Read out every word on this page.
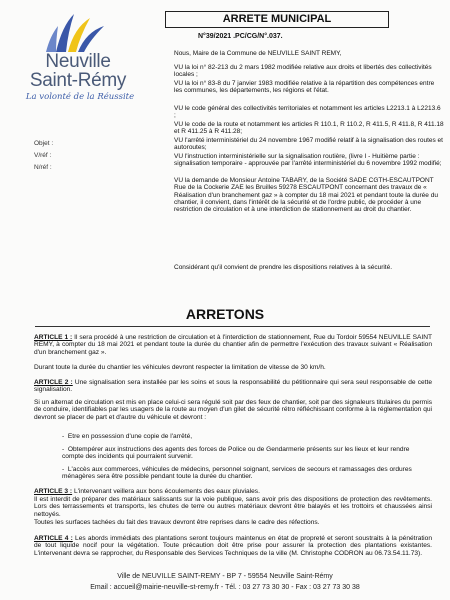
Neuville
Saint-Rémy
La volonté de la Réussite
Objet :
V/réf :
N/réf :
ARRETE MUNICIPAL
N°39/2021 .PC/CG/N°.037.
Nous, Maire de la Commune de NEUVILLE SAINT REMY,
VU la loi n° 82-213 du 2 mars 1982 modifiée relative aux droits et libertés des collectivités locales ;
VU la loi n° 83-8 du 7 janvier 1983 modifiée relative à la répartition des compétences entre les communes, les départements, les régions et l'état.
VU le code général des collectivités territoriales et notamment les articles L2213.1 à L2213.6 ;
VU le code de la route et notamment les articles R 110.1, R 110.2, R 411.5, R 411.8, R 411.18 et R 411.25 à R 411.28;
VU l'arrêté interministériel du 24 novembre 1967 modifié relatif à la signalisation des routes et autoroutes;
VU l'instruction interministérielle sur la signalisation routière, (livre I - Huitième partie : signalisation temporaire - approuvée par l'arrêté interministériel du 6 novembre 1992 modifié;
VU la demande de Monsieur Antoine TABARY, de la Société SADE CGTH-ESCAUTPONT Rue de la Cockerie ZAE les Bruilles 59278 ESCAUTPONT concernant des travaux de « Réalisation d'un branchement gaz » à compter du 18 mai 2021 et pendant toute la durée du chantier, il convient, dans l'intérêt de la sécurité et de l'ordre public, de procéder à une restriction de circulation et à une interdiction de stationnement au droit du chantier.
Considérant qu'il convient de prendre les dispositions relatives à la sécurité.
ARRETONS
ARTICLE 1 : Il sera procédé à une restriction de circulation et à l'interdiction de stationnement, Rue du Tordoir 59554 NEUVILLE SAINT REMY, à compter du 18 mai 2021 et pendant toute la durée du chantier afin de permettre l'exécution des travaux suivant « Réalisation d'un branchement gaz ».
Durant toute la durée du chantier les véhicules devront respecter la limitation de vitesse de 30 km/h.
ARTICLE 2 : Une signalisation sera installée par les soins et sous la responsabilité du pétitionnaire qui sera seul responsable de cette signalisation.
Si un alternat de circulation est mis en place celui-ci sera régulé soit par des feux de chantier, soit par des signaleurs titulaires du permis de conduire, identifiables par les usagers de la route au moyen d'un gilet de sécurité rétro réfléchissant conforme à la réglementation qui devront se placer de part et d'autre du véhicule et devront :
-  Etre en possession d'une copie de l'arrêté,
-  Obtempérer aux instructions des agents des forces de Police ou de Gendarmerie présents sur les lieux et leur rendre compte des incidents qui pourraient survenir.
-  L'accès aux commerces, véhicules de médecins, personnel soignant, services de secours et ramassages des ordures ménagères sera être possible pendant toute la durée du chantier.
ARTICLE 3 : L'intervenant veillera aux bons écoulements des eaux pluviales.
Il est interdit de préparer des matériaux salissants sur la voie publique, sans avoir pris des dispositions de protection des revêtements. Lors des terrassements et transports, les chutes de terre ou autres matériaux devront être balayés et les trottoirs et chaussées ainsi nettoyés.
Toutes les surfaces tachées du fait des travaux devront être reprises dans le cadre des réfections.
ARTICLE 4 : Les abords immédiats des plantations seront toujours maintenus en état de propreté et seront soustraits à la pénétration de tout liquide nocif pour la végétation. Toute précaution doit être prise pour assurer la protection des plantations existantes. L'intervenant devra se rapprocher, du Responsable des Services Techniques de la ville (M. Christophe CODRON au 06.73.54.11.73).
Ville de NEUVILLE SAINT-REMY - BP 7 - 59554 Neuville Saint-Rémy
Email : accueil@mairie-neuville-st-remy.fr - Tél. : 03 27 73 30 30 - Fax : 03 27 73 30 38
